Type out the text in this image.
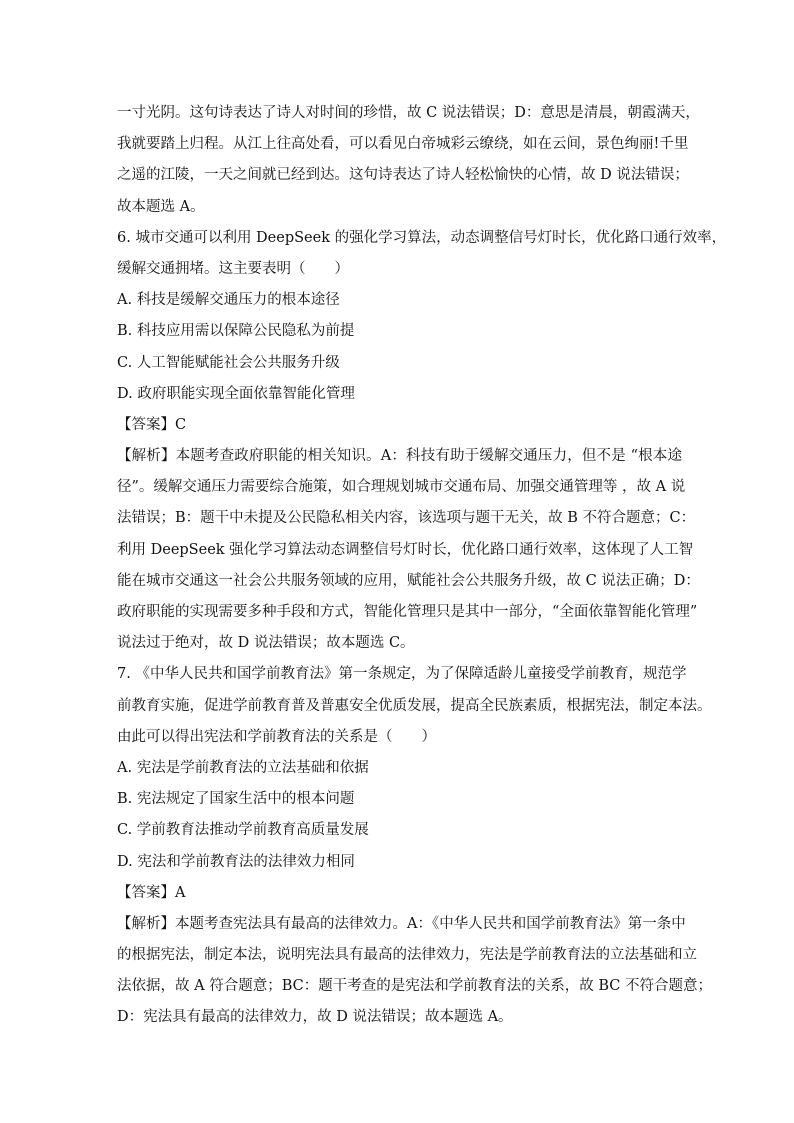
一寸光阴。这句诗表达了诗人对时间的珍惜，故 C 说法错误；D：意思是清晨，朝霞满天，
我就要踏上归程。从江上往高处看，可以看见白帝城彩云缭绕，如在云间，景色绚丽!千里
之遥的江陵，一天之间就已经到达。这句诗表达了诗人轻松愉快的心情，故 D 说法错误；
故本题选 A。
6. 城市交通可以利用 DeepSeek 的强化学习算法，动态调整信号灯时长，优化路口通行效率，
缓解交通拥堵。这主要表明（　　）
A. 科技是缓解交通压力的根本途径
B. 科技应用需以保障公民隐私为前提
C. 人工智能赋能社会公共服务升级
D. 政府职能实现全面依靠智能化管理
【答案】C
【解析】本题考查政府职能的相关知识。A：科技有助于缓解交通压力，但不是 “根本途
径”。缓解交通压力需要综合施策，如合理规划城市交通布局、加强交通管理等 ，故 A 说
法错误；B：题干中未提及公民隐私相关内容，该选项与题干无关，故 B 不符合题意；C：
利用 DeepSeek 强化学习算法动态调整信号灯时长，优化路口通行效率，这体现了人工智
能在城市交通这一社会公共服务领域的应用，赋能社会公共服务升级，故 C 说法正确；D：
政府职能的实现需要多种手段和方式，智能化管理只是其中一部分，“全面依靠智能化管理”
说法过于绝对，故 D 说法错误；故本题选 C。
7. 《中华人民共和国学前教育法》第一条规定，为了保障适龄儿童接受学前教育，规范学
前教育实施，促进学前教育普及普惠安全优质发展，提高全民族素质，根据宪法，制定本法。
由此可以得出宪法和学前教育法的关系是（　　）
A. 宪法是学前教育法的立法基础和依据
B. 宪法规定了国家生活中的根本问题
C. 学前教育法推动学前教育高质量发展
D. 宪法和学前教育法的法律效力相同
【答案】A
【解析】本题考查宪法具有最高的法律效力。A：《中华人民共和国学前教育法》第一条中
的根据宪法，制定本法，说明宪法具有最高的法律效力，宪法是学前教育法的立法基础和立
法依据，故 A 符合题意；BC：题干考查的是宪法和学前教育法的关系，故 BC 不符合题意；
D：宪法具有最高的法律效力，故 D 说法错误；故本题选 A。
